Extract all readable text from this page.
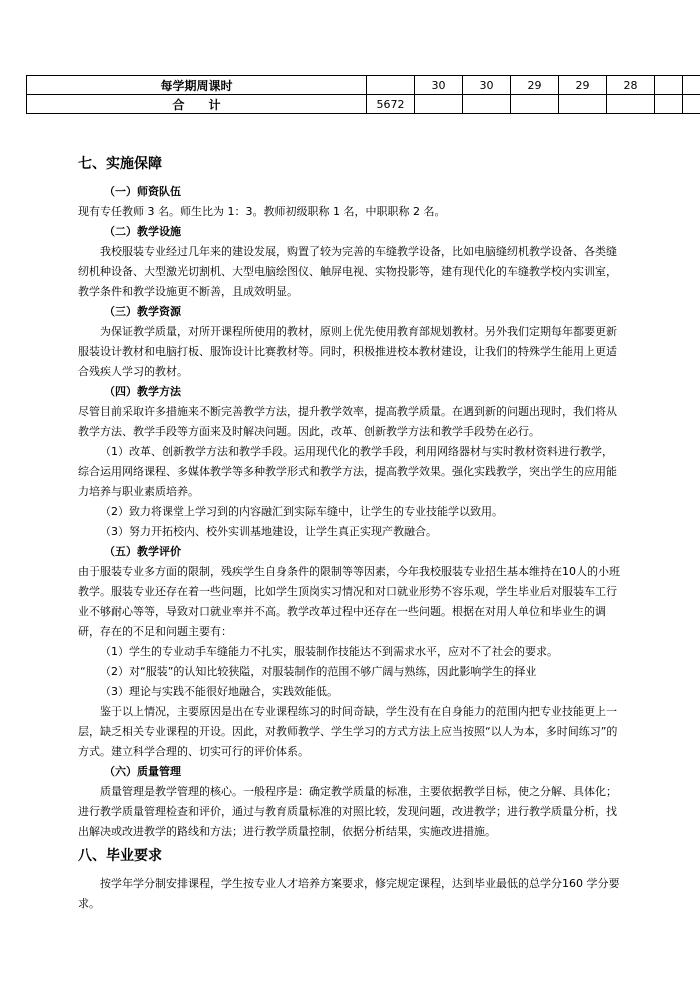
每学期周课时		30	30	29	29	28		
合　　计	5672							
七、实施保障
（一）师资队伍

现有专任教师 3 名。师生比为 1：3。教师初级职称 1 名，中职职称 2 名。

（二）教学设施

我校服装专业经过几年来的建设发展，购置了较为完善的车缝教学设备，比如电脑缝纫机教学设备、各类缝纫机种设备、大型激光切割机、大型电脑绘图仪、触屏电视、实物投影等，建有现代化的车缝教学校内实训室，教学条件和教学设施更不断善，且成效明显。

（三）教学资源

为保证教学质量，对所开课程所使用的教材，原则上优先使用教育部规划教材。另外我们定期每年都要更新服装设计教材和电脑打板、服饰设计比赛教材等。同时，积极推进校本教材建设，让我们的特殊学生能用上更适合残疾人学习的教材。

（四）教学方法

尽管目前采取许多措施来不断完善教学方法，提升教学效率，提高教学质量。在遇到新的问题出现时，我们将从教学方法、教学手段等方面来及时解决问题。因此，改革、创新教学方法和教学手段势在必行。

（1）改革、创新教学方法和教学手段。运用现代化的教学手段，利用网络器材与实时教材资料进行教学，综合运用网络课程、多媒体教学等多种教学形式和教学方法，提高教学效果。强化实践教学，突出学生的应用能力培养与职业素质培养。

（2）致力将课堂上学习到的内容融汇到实际车缝中，让学生的专业技能学以致用。

（3）努力开拓校内、校外实训基地建设，让学生真正实现产教融合。

（五）教学评价

由于服装专业多方面的限制，残疾学生自身条件的限制等等因素，今年我校服装专业招生基本维持在10人的小班教学。服装专业还存在着一些问题，比如学生顶岗实习情况和对口就业形势不容乐观，学生毕业后对服装车工行业不够耐心等等，导致对口就业率并不高。教学改革过程中还存在一些问题。根据在对用人单位和毕业生的调研，存在的不足和问题主要有：

（1）学生的专业动手车缝能力不扎实，服装制作技能达不到需求水平，应对不了社会的要求。

（2）对“服装”的认知比较狭隘，对服装制作的范围不够广阔与熟练，因此影响学生的择业

（3）理论与实践不能很好地融合，实践效能低。

鉴于以上情况，主要原因是出在专业课程练习的时间奇缺，学生没有在自身能力的范围内把专业技能更上一层，缺乏相关专业课程的开设。因此，对教师教学、学生学习的方式方法上应当按照“以人为本，多时间练习”的方式。建立科学合理的、切实可行的评价体系。

（六）质量管理

质量管理是教学管理的核心。一般程序是：确定教学质量的标准，主要依据教学目标，使之分解、具体化；进行教学质量管理检查和评价，通过与教育质量标准的对照比较，发现问题，改进教学；进行教学质量分析，找出解决或改进教学的路线和方法；进行教学质量控制，依据分析结果，实施改进措施。

八、毕业要求

按学年学分制安排课程，学生按专业人才培养方案要求，修完规定课程，达到毕业最低的总学分160 学分要求。
